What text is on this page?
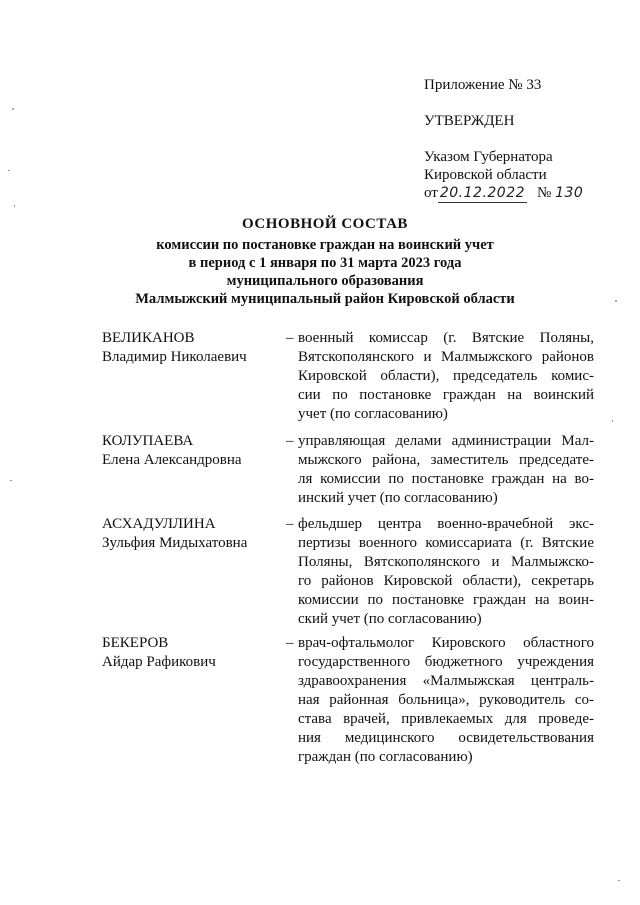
Приложение № 33
УТВЕРЖДЕН
Указом Губернатора
Кировской области
от 20.12.2022 № 130
ОСНОВНОЙ СОСТАВ
комиссии по постановке граждан на воинский учет
в период с 1 января по 31 марта 2023 года
муниципального образования
Малмыжский муниципальный район Кировской области
ВЕЛИКАНОВ
Владимир Николаевич
– военный комиссар (г. Вятские Поляны,
Вятскополянского и Малмыжского районов
Кировской области), председатель комис-
сии по постановке граждан на воинский
учет (по согласованию)
КОЛУПАЕВА
Елена Александровна
– управляющая делами администрации Мал-
мыжского района, заместитель председате-
ля комиссии по постановке граждан на во-
инский учет (по согласованию)
АСХАДУЛЛИНА
Зульфия Мидыхатовна
– фельдшер центра военно-врачебной экс-
пертизы военного комиссариата (г. Вятские
Поляны, Вятскополянского и Малмыжско-
го районов Кировской области), секретарь
комиссии по постановке граждан на воин-
ский учет (по согласованию)
БЕКЕРОВ
Айдар Рафикович
– врач-офтальмолог Кировского областного
государственного бюджетного учреждения
здравоохранения «Малмыжская централь-
ная районная больница», руководитель со-
става врачей, привлекаемых для проведе-
ния медицинского освидетельствования
граждан (по согласованию)
